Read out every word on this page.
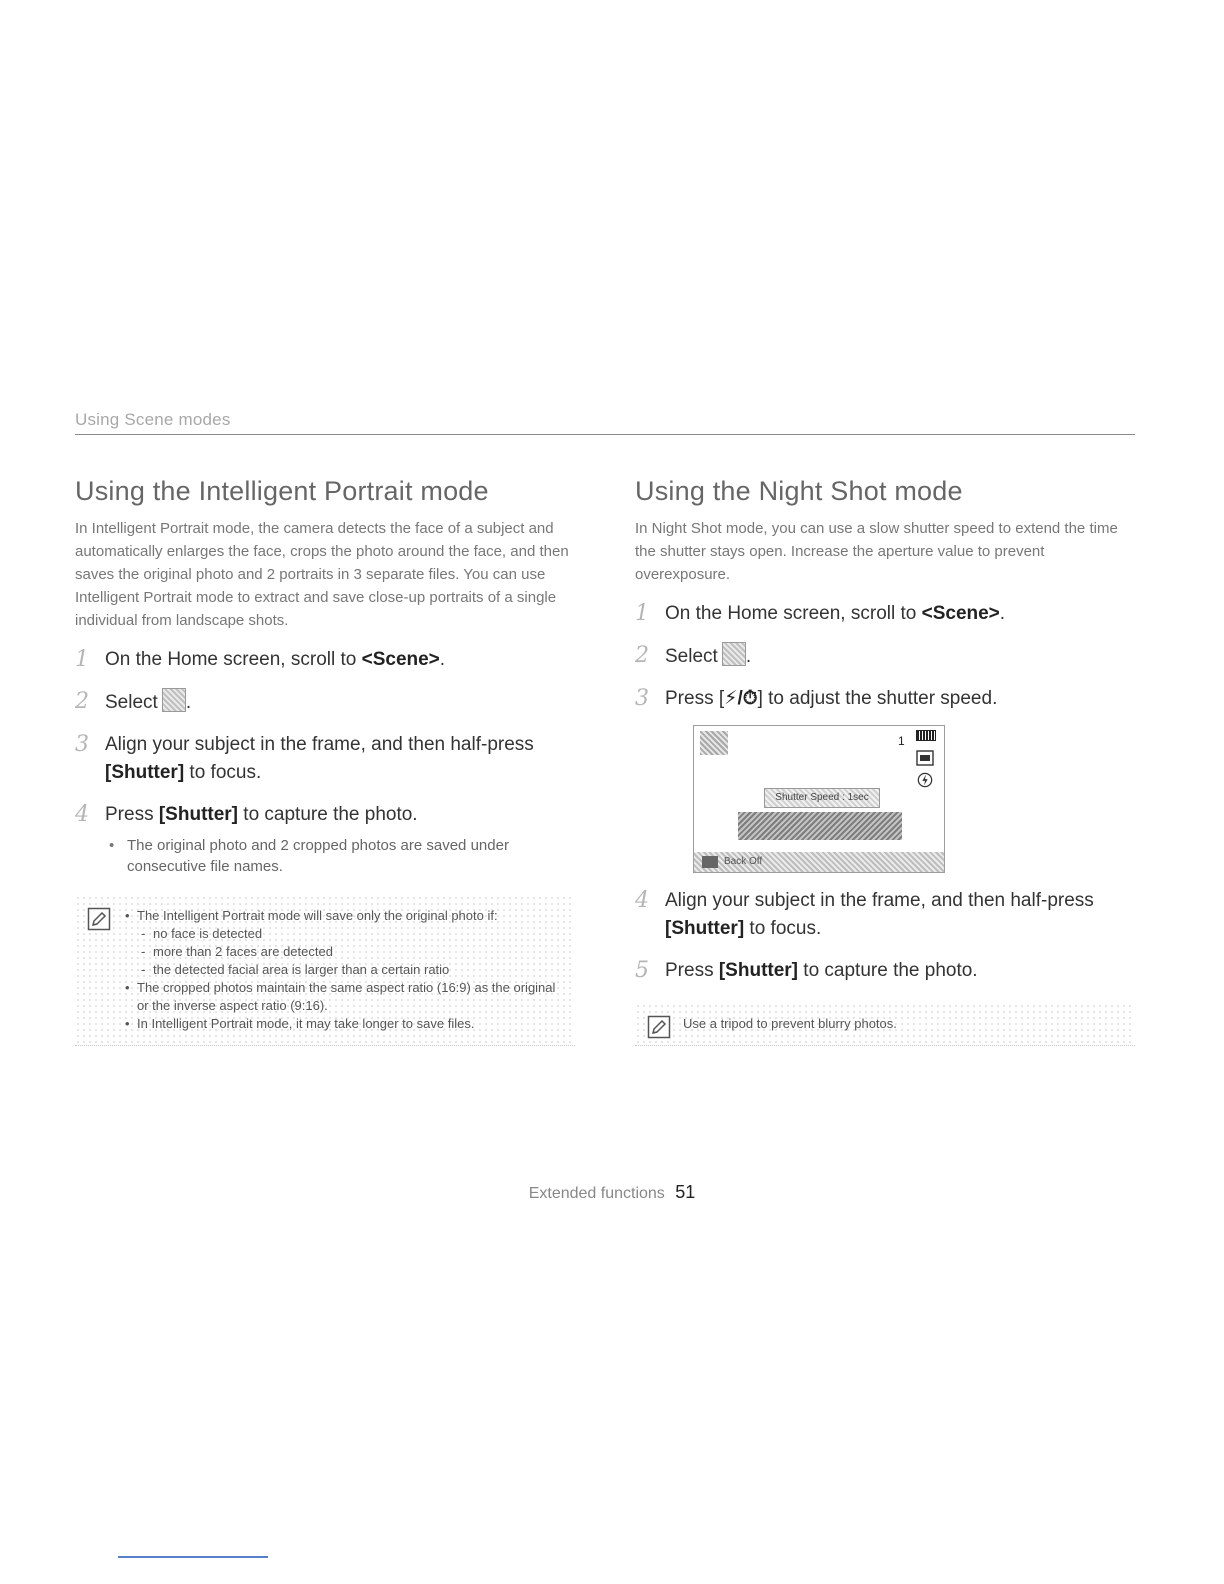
Using Scene modes
Using the Intelligent Portrait mode

In Intelligent Portrait mode, the camera detects the face of a subject and automatically enlarges the face, crops the photo around the face, and then saves the original photo and 2 portraits in 3 separate files. You can use Intelligent Portrait mode to extract and save close-up portraits of a single individual from landscape shots.

1 On the Home screen, scroll to <Scene>.
2 Select .
3 Align your subject in the frame, and then half-press [Shutter] to focus.
4 Press [Shutter] to capture the photo.
• The original photo and 2 cropped photos are saved under consecutive file names.
• The Intelligent Portrait mode will save only the original photo if:
- no face is detected
- more than 2 faces are detected
- the detected facial area is larger than a certain ratio
• The cropped photos maintain the same aspect ratio (16:9) as the original or the inverse aspect ratio (9:16).
• In Intelligent Portrait mode, it may take longer to save files.
Using the Night Shot mode

In Night Shot mode, you can use a slow shutter speed to extend the time the shutter stays open. Increase the aperture value to prevent overexposure.

1 On the Home screen, scroll to <Scene>.
2 Select .
3 Press [⚡/⏱] to adjust the shutter speed.
1
Shutter Speed : 1sec
Back Off
4 Align your subject in the frame, and then half-press [Shutter] to focus.
5 Press [Shutter] to capture the photo.
Use a tripod to prevent blurry photos.
Extended functions 51
